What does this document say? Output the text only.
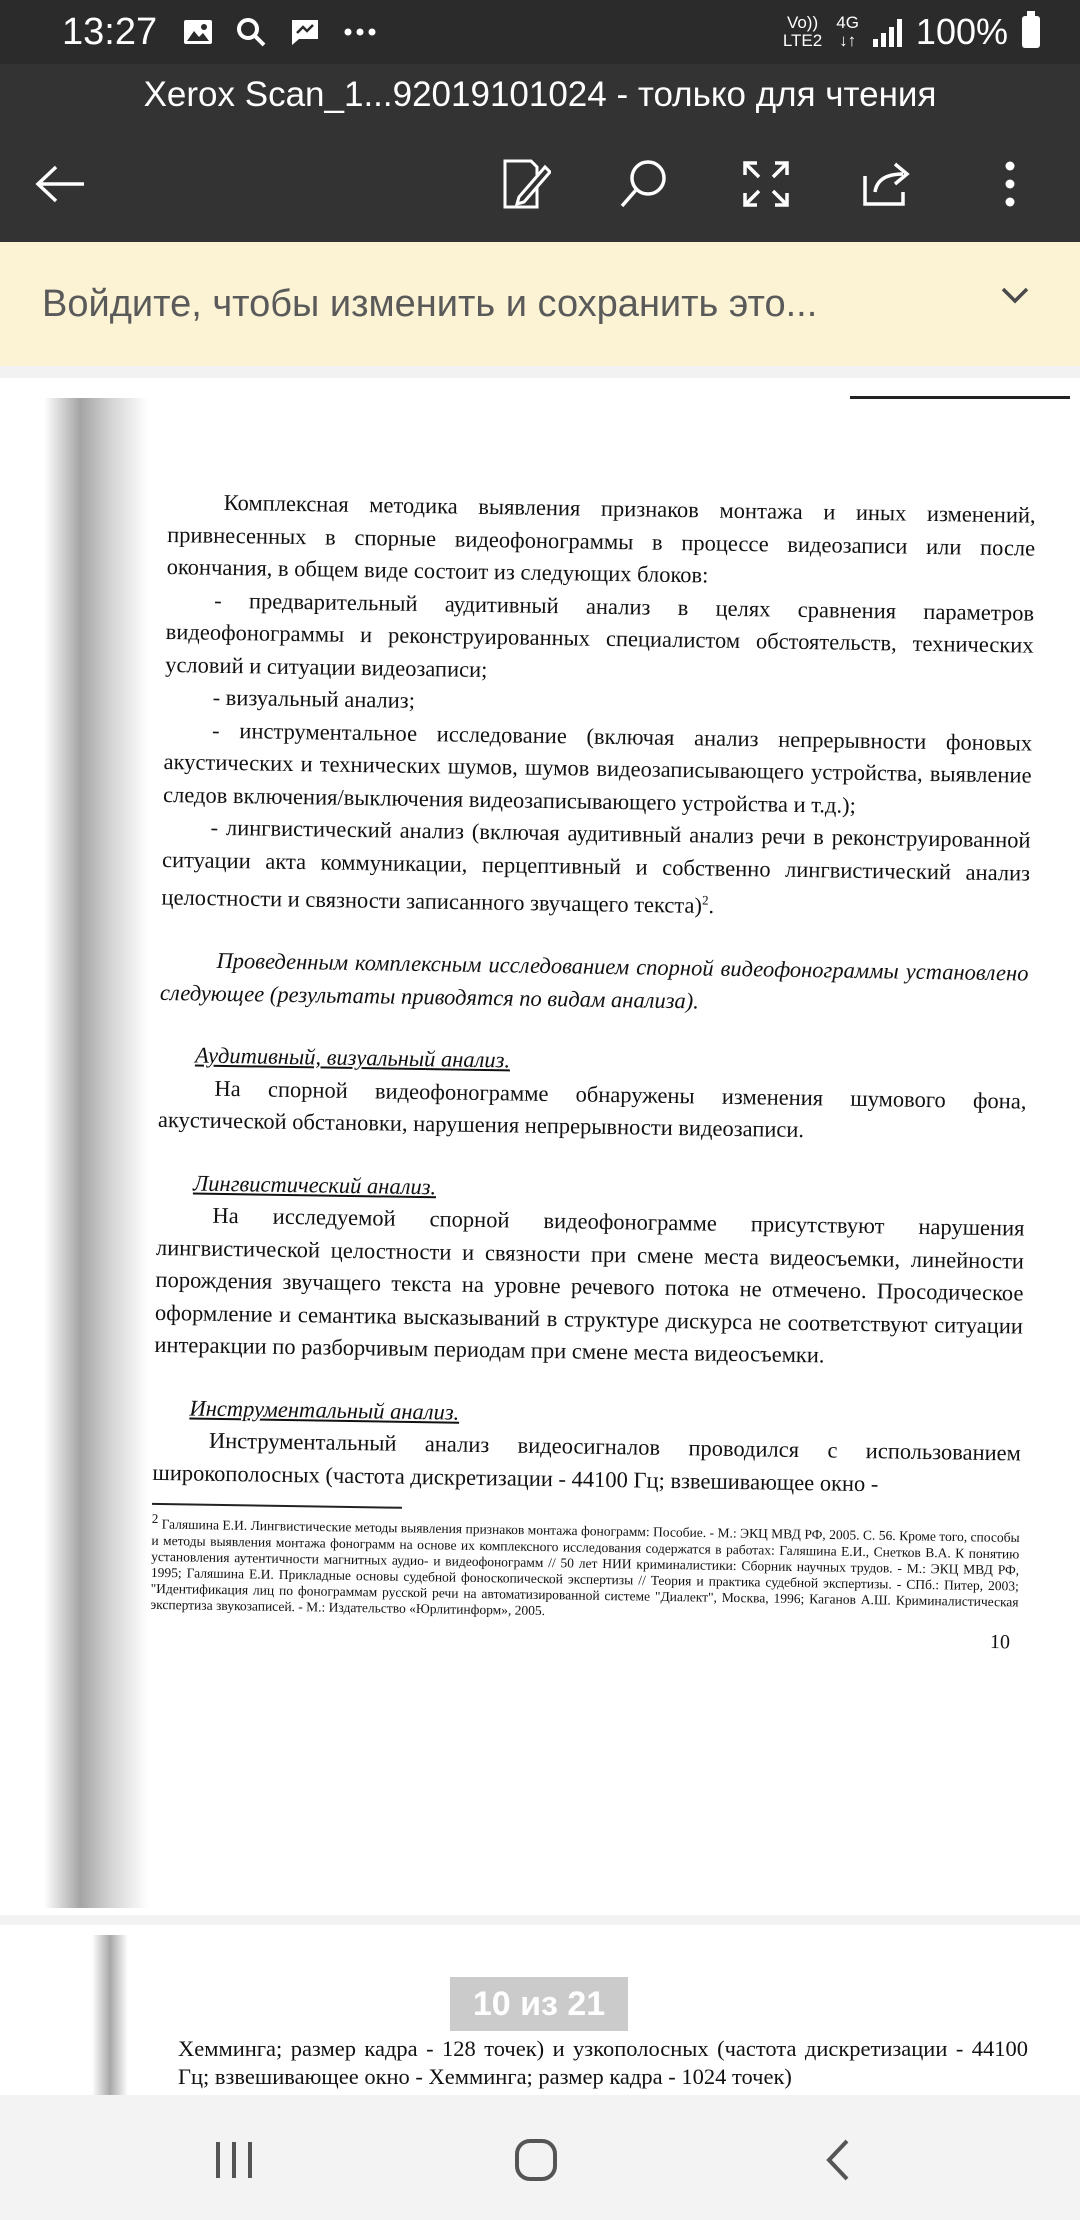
13:27	Vo))
LTE2
4G
↓↑ 100%
Xerox Scan_1...92019101024 - только для чтения
Войдите, чтобы изменить и сохранить это...

Комплексная методика выявления признаков монтажа и иных изменений, привнесенных в спорные видеофонограммы в процессе видеозаписи или после окончания, в общем виде состоит из следующих блоков:

- предварительный аудитивный анализ в целях сравнения параметров видеофонограммы и реконструированных специалистом обстоятельств, технических условий и ситуации видеозаписи;

- визуальный анализ;

- инструментальное исследование (включая анализ непрерывности фоновых акустических и технических шумов, шумов видеозаписывающего устройства, выявление следов включения/выключения видеозаписывающего устройства и т.д.);

- лингвистический анализ (включая аудитивный анализ речи в реконструированной ситуации акта коммуникации, перцептивный и собственно лингвистический анализ целостности и связности записанного звучащего текста)$^2$.

Проведенным комплексным исследованием спорной видеофонограммы установлено следующее (результаты приводятся по видам анализа).

Аудитивный, визуальный анализ.

На спорной видеофонограмме обнаружены изменения шумового фона, акустической обстановки, нарушения непрерывности видеозаписи.

Лингвистический анализ.

На исследуемой спорной видеофонограмме присутствуют нарушения лингвистической целостности и связности при смене места видеосъемки, линейности порождения звучащего текста на уровне речевого потока не отмечено. Просодическое оформление и семантика высказываний в структуре дискурса не соответствуют ситуации интеракции по разборчивым периодам при смене места видеосъемки.

Инструментальный анализ.

Инструментальный анализ видеосигналов проводился с использованием широкополосных (частота дискретизации - 44100 Гц; взвешивающее окно -

$^2$ Галяшина Е.И. Лингвистические методы выявления признаков монтажа фонограмм: Пособие. - М.: ЭКЦ МВД РФ, 2005. С. 56. Кроме того, способы и методы выявления монтажа фонограмм на основе их комплексного исследования содержатся в работах: Галяшина Е.И., Снетков В.А. К понятию установления аутентичности магнитных аудио- и видеофонограмм // 50 лет НИИ криминалистики: Сборник научных трудов. - М.: ЭКЦ МВД РФ, 1995; Галяшина Е.И. Прикладные основы судебной фоноскопической экспертизы // Теория и практика судебной экспертизы. - СПб.: Питер, 2003; "Идентификация лиц по фонограммам русской речи на автоматизированной системе "Диалект", Москва, 1996; Каганов А.Ш. Криминалистическая экспертиза звукозаписей. - М.: Издательство «Юрлитинформ», 2005.

10

Хемминга; размер кадра - 128 точек) и узкополосных (частота дискретизации - 44100 Гц; взвешивающее окно - Хемминга; размер кадра - 1024 точек)

10 из 21
